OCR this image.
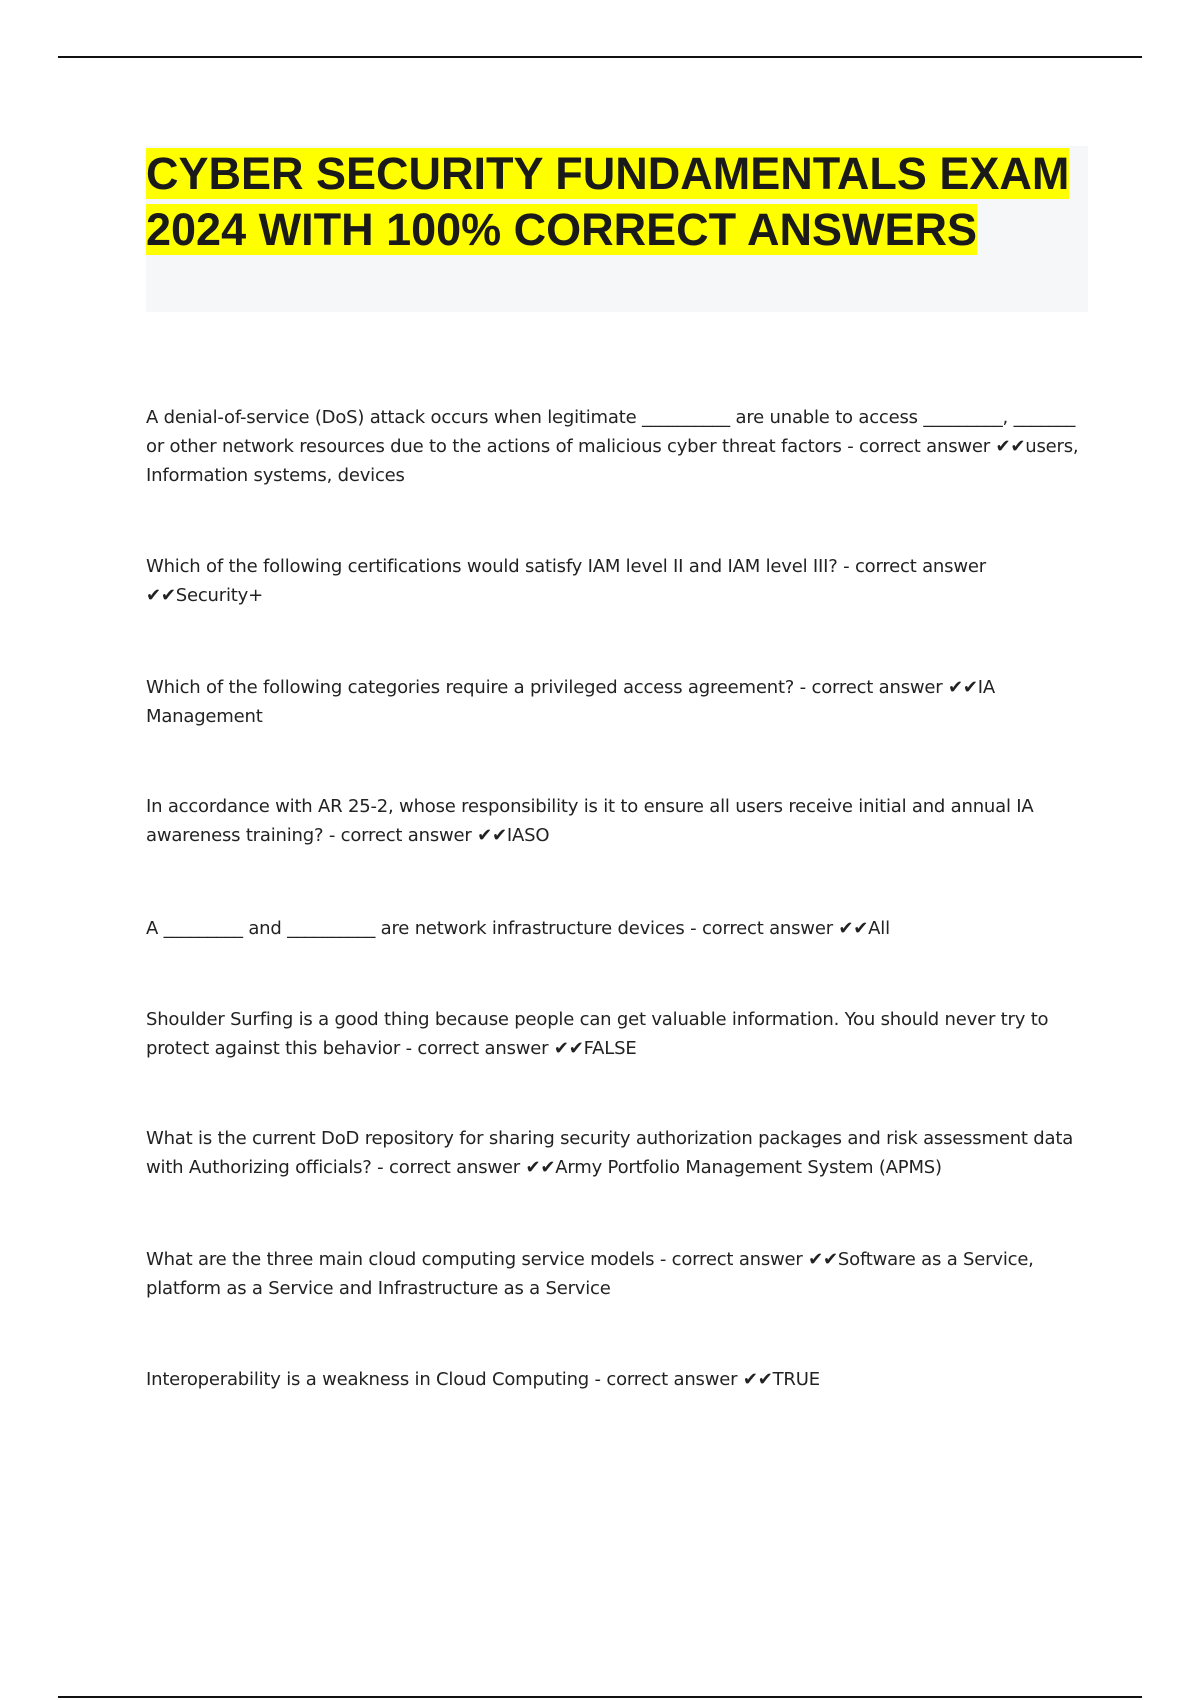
CYBER SECURITY FUNDAMENTALS EXAM 2024 WITH 100% CORRECT ANSWERS

A denial-of-service (DoS) attack occurs when legitimate __________ are unable to access _________, _______ or other network resources due to the actions of malicious cyber threat factors - correct answer ✔✔users, Information systems, devices

Which of the following certifications would satisfy IAM level II and IAM level III? - correct answer ✔✔Security+

Which of the following categories require a privileged access agreement? - correct answer ✔✔IA Management

In accordance with AR 25-2, whose responsibility is it to ensure all users receive initial and annual IA awareness training? - correct answer ✔✔IASO

A _________ and __________ are network infrastructure devices - correct answer ✔✔All

Shoulder Surfing is a good thing because people can get valuable information. You should never try to protect against this behavior - correct answer ✔✔FALSE

What is the current DoD repository for sharing security authorization packages and risk assessment data with Authorizing officials? - correct answer ✔✔Army Portfolio Management System (APMS)

What are the three main cloud computing service models - correct answer ✔✔Software as a Service, platform as a Service and Infrastructure as a Service

Interoperability is a weakness in Cloud Computing - correct answer ✔✔TRUE
